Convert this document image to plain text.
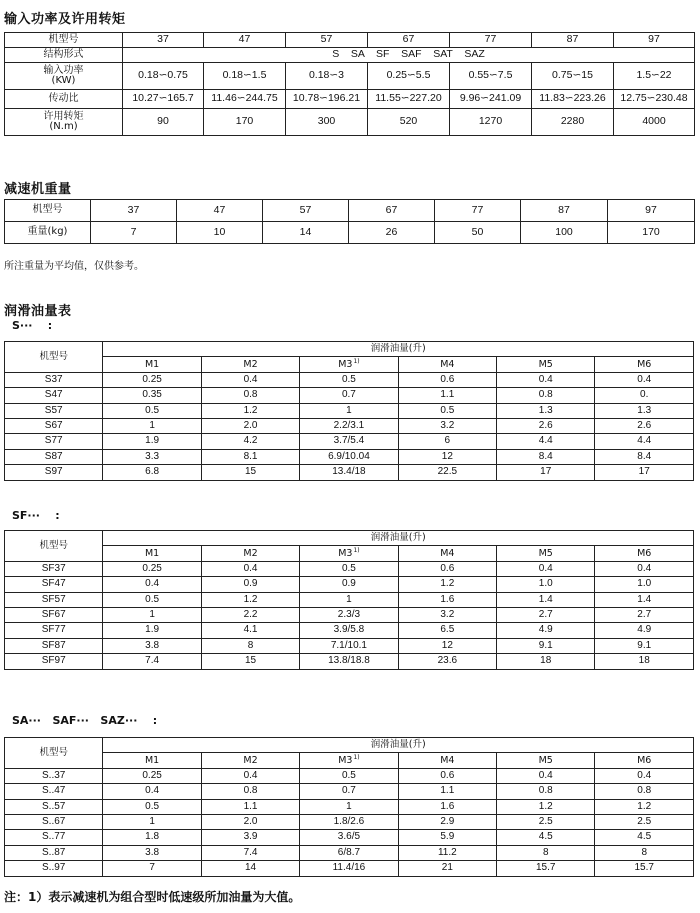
输入功率及许用转矩
机型号	37	47	57	67	77	87	97
结构形式	S    SA    SF    SAF    SAT    SAZ						
输入功率
(KW)	0.18∽0.75	0.18∽1.5	0.18∽3	0.25∽5.5	0.55∽7.5	0.75∽15	1.5∽22
传动比	10.27∽165.7	11.46∽244.75	10.78∽196.21	11.55∽227.20	9.96∽241.09	11.83∽223.26	12.75∽230.48
许用转矩
(N.m)	90	170	300	520	1270	2280	4000
减速机重量
机型号	37	47	57	67	77	87	97
重量(kg)	7	10	14	26	50	100	170
所注重量为平均值，仅供参考。
润滑油量表
S···    :
机型号	润滑油量(升)					
	M1	M2	M3$^{1)}$	M4	M5	M6
S37	0.25	0.4	0.5	0.6	0.4	0.4
S47	0.35	0.8	0.7	1.1	0.8	0.
S57	0.5	1.2	1	0.5	1.3	1.3
S67	1	2.0	2.2/3.1	3.2	2.6	2.6
S77	1.9	4.2	3.7/5.4	6	4.4	4.4
S87	3.3	8.1	6.9/10.04	12	8.4	8.4
S97	6.8	15	13.4/18	22.5	17	17
SF···    :
机型号	润滑油量(升)					
	M1	M2	M3$^{1)}$	M4	M5	M6
SF37	0.25	0.4	0.5	0.6	0.4	0.4
SF47	0.4	0.9	0.9	1.2	1.0	1.0
SF57	0.5	1.2	1	1.6	1.4	1.4
SF67	1	2.2	2.3/3	3.2	2.7	2.7
SF77	1.9	4.1	3.9/5.8	6.5	4.9	4.9
SF87	3.8	8	7.1/10.1	12	9.1	9.1
SF97	7.4	15	13.8/18.8	23.6	18	18
SA···   SAF···   SAZ···    :
机型号	润滑油量(升)					
	M1	M2	M3$^{1)}$	M4	M5	M6
S..37	0.25	0.4	0.5	0.6	0.4	0.4
S..47	0.4	0.8	0.7	1.1	0.8	0.8
S..57	0.5	1.1	1	1.6	1.2	1.2
S..67	1	2.0	1.8/2.6	2.9	2.5	2.5
S..77	1.8	3.9	3.6/5	5.9	4.5	4.5
S..87	3.8	7.4	6/8.7	11.2	8	8
S..97	7	14	11.4/16	21	15.7	15.7
注：1）表示减速机为组合型时低速级所加油量为大值。
